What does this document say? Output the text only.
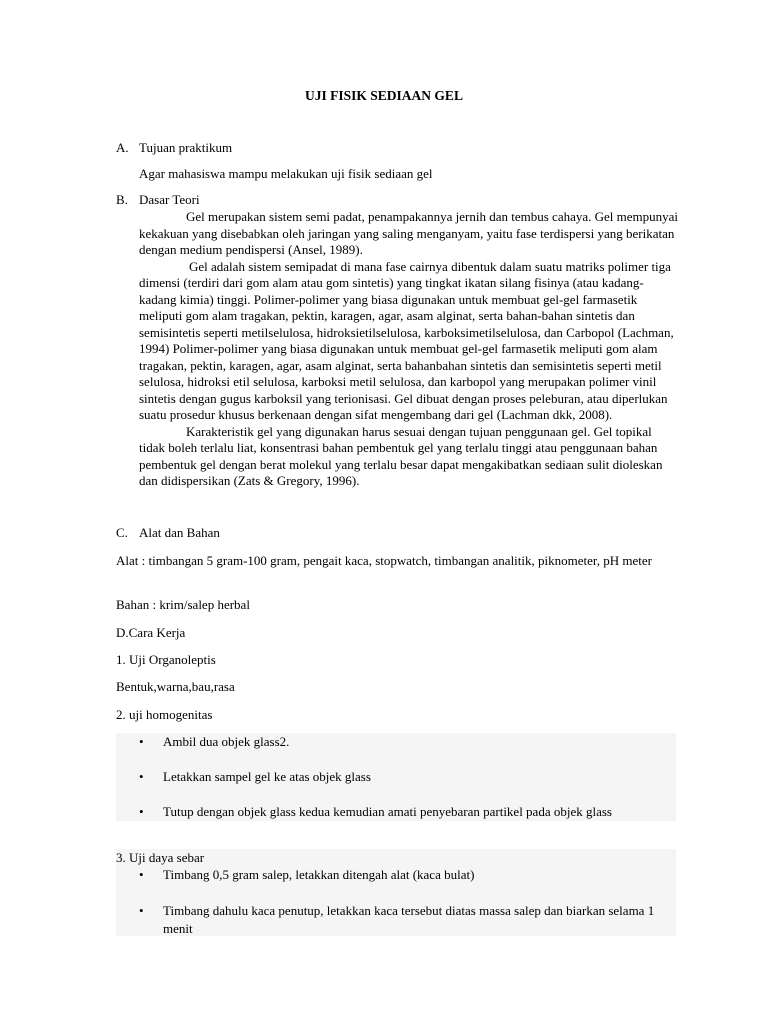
UJI FISIK SEDIAAN GEL
A. Tujuan praktikum
Agar mahasiswa mampu melakukan uji fisik sediaan gel
B. Dasar Teori

Gel merupakan sistem semi padat, penampakannya jernih dan tembus cahaya. Gel mempunyai kekakuan yang disebabkan oleh jaringan yang saling menganyam, yaitu fase terdispersi yang berikatan dengan medium pendispersi (Ansel, 1989).

Gel adalah sistem semipadat di mana fase cairnya dibentuk dalam suatu matriks polimer tiga dimensi (terdiri dari gom alam atau gom sintetis) yang tingkat ikatan silang fisinya (atau kadang-kadang kimia) tinggi. Polimer-polimer yang biasa digunakan untuk membuat gel-gel farmasetik meliputi gom alam tragakan, pektin, karagen, agar, asam alginat, serta bahan-bahan sintetis dan semisintetis seperti metilselulosa, hidroksietilselulosa, karboksimetilselulosa, dan Carbopol (Lachman, 1994) Polimer-polimer yang biasa digunakan untuk membuat gel-gel farmasetik meliputi gom alam tragakan, pektin, karagen, agar, asam alginat, serta bahanbahan sintetis dan semisintetis seperti metil selulosa, hidroksi etil selulosa, karboksi metil selulosa, dan karbopol yang merupakan polimer vinil sintetis dengan gugus karboksil yang terionisasi. Gel dibuat dengan proses peleburan, atau diperlukan suatu prosedur khusus berkenaan dengan sifat mengembang dari gel (Lachman dkk, 2008).

Karakteristik gel yang digunakan harus sesuai dengan tujuan penggunaan gel. Gel topikal tidak boleh terlalu liat, konsentrasi bahan pembentuk gel yang terlalu tinggi atau penggunaan bahan pembentuk gel dengan berat molekul yang terlalu besar dapat mengakibatkan sediaan sulit dioleskan dan didispersikan (Zats & Gregory, 1996).

C. Alat dan Bahan
Alat : timbangan 5 gram-100 gram, pengait kaca, stopwatch, timbangan analitik, piknometer, pH meter
Bahan : krim/salep herbal
D.Cara Kerja
1. Uji Organoleptis
Bentuk,warna,bau,rasa
2. uji homogenitas
• Ambil dua objek glass2.
• Letakkan sampel gel ke atas objek glass
• Tutup dengan objek glass kedua kemudian amati penyebaran partikel pada objek glass
3. Uji daya sebar
• Timbang 0,5 gram salep, letakkan ditengah alat (kaca bulat)
• Timbang dahulu kaca penutup, letakkan kaca tersebut diatas massa salep dan biarkan selama 1 menit
